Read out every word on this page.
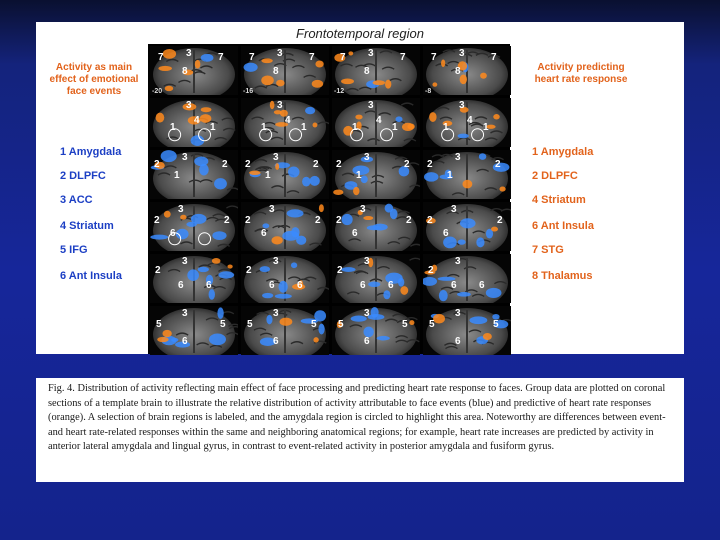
Frontotemporal region
Activity as main effect of emotional face events
Activity predicting heart rate response
1 Amygdala
2 DLPFC
3 ACC
4 Striatum
5 IFG
6 Ant Insula
1 Amygdala
2 DLPFC
4 Striatum
6 Ant Insula
7 STG
8 Thalamus
7 3
8
7
-20
7 3
8
7
-16
7 3
8
7
-12
7 3
8
7
-8
3
4
1	1
3
4
1	1
3
4
1	1
3
4
1	1
2
3
2
1
2
3
2
1
2
3
2
1
2
3
2
1
2
3
2
6
2
3
2
6
2
3
2
6
2
3
2
6
2
3
6 6
2
3
6 6
2
3
6 6
2
3
6 6
5
3
5
6
5
3
5
6
5
3
5
6
5
3
5
6

Fig. 4. Distribution of activity reflecting main effect of face processing and predicting heart rate response to faces. Group data are plotted on coronal sections of a template brain to illustrate the relative distribution of activity attributable to face events (blue) and predictive of heart rate responses (orange). A selection of brain regions is labeled, and the amygdala region is circled to highlight this area. Noteworthy are differences between event- and heart rate-related responses within the same and neighboring anatomical regions; for example, heart rate increases are predicted by activity in anterior lateral amygdala and lingual gyrus, in contrast to event-related activity in posterior amygdala and fusiform gyrus.
